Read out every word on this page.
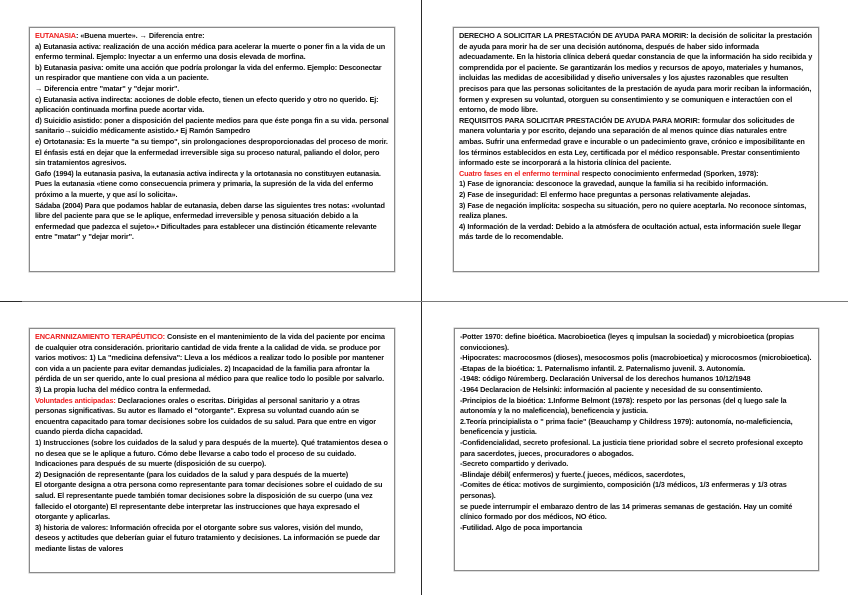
EUTANASIA: «Buena muerte». → Diferencia entre:

a) Eutanasia activa: realización de una acción médica para acelerar la muerte o poner fin a la vida de un enfermo terminal. Ejemplo: Inyectar a un enfermo una dosis elevada de morfina.

b) Eutanasia pasiva: omite una acción que podría prolongar la vida del enfermo. Ejemplo: Desconectar un respirador que mantiene con vida a un paciente.

→ Diferencia entre "matar" y "dejar morir".

c) Eutanasia activa indirecta: acciones de doble efecto, tienen un efecto querido y otro no querido. Ej: aplicación continuada morfina puede acortar vida.

d) Suicidio asistido: poner a disposición del paciente medios para que éste ponga fin a su vida. personal sanitario→suicidio médicamente asistido.• Ej Ramón Sampedro

e) Ortotanasia: Es la muerte "a su tiempo", sin prolongaciones desproporcionadas del proceso de morir. El énfasis está en dejar que la enfermedad irreversible siga su proceso natural, paliando el dolor, pero sin tratamientos agresivos.

Gafo (1994) la eutanasia pasiva, la eutanasia activa indirecta y la ortotanasia no constituyen eutanasia. Pues la eutanasia «tiene como consecuencia primera y primaria, la supresión de la vida del enfermo próximo a la muerte, y que así lo solicita».

Sádaba (2004) Para que podamos hablar de eutanasia, deben darse las siguientes tres notas: «voluntad libre del paciente para que se le aplique, enfermedad irreversible y penosa situación debido a la enfermedad que padezca el sujeto».• Dificultades para establecer una distinción éticamente relevante entre "matar" y "dejar morir".

DERECHO A SOLICITAR LA PRESTACIÓN DE AYUDA PARA MORIR: la decisión de solicitar la prestación de ayuda para morir ha de ser una decisión autónoma, después de haber sido informada adecuadamente. En la historia clínica deberá quedar constancia de que la información ha sido recibida y comprendida por el paciente. Se garantizarán los medios y recursos de apoyo, materiales y humanos, incluidas las medidas de accesibilidad y diseño universales y los ajustes razonables que resulten precisos para que las personas solicitantes de la prestación de ayuda para morir reciban la información, formen y expresen su voluntad, otorguen su consentimiento y se comuniquen e interactúen con el entorno, de modo libre.

REQUISITOS PARA SOLICITAR PRESTACIÓN DE AYUDA PARA MORIR: formular dos solicitudes de manera voluntaria y por escrito, dejando una separación de al menos quince días naturales entre ambas. Sufrir una enfermedad grave e incurable o un padecimiento grave, crónico e imposibilitante en los términos establecidos en esta Ley, certificada por el médico responsable. Prestar consentimiento informado este se incorporará a la historia clínica del paciente.

Cuatro fases en el enfermo terminal respecto conocimiento enfermedad (Sporken, 1978):

1) Fase de ignorancia: desconoce la gravedad, aunque la familia si ha recibido información.

2) Fase de inseguridad: El enfermo hace preguntas a personas relativamente alejadas.

3) Fase de negación implícita: sospecha su situación, pero no quiere aceptarla. No reconoce síntomas, realiza planes.

4) Información de la verdad: Debido a la atmósfera de ocultación actual, esta información suele llegar más tarde de lo recomendable.

ENCARNNIZAMIENTO TERAPÉUTICO: Consiste en el mantenimiento de la vida del paciente por encima de cualquier otra consideración. prioritario cantidad de vida frente a la calidad de vida. se produce por varios motivos: 1) La "medicina defensiva": Lleva a los médicos a realizar todo lo posible por mantener con vida a un paciente para evitar demandas judiciales. 2) Incapacidad de la familia para afrontar la pérdida de un ser querido, ante lo cual presiona al médico para que realice todo lo posible por salvarlo. 3) La propia lucha del médico contra la enfermedad.

Voluntades anticipadas: Declaraciones orales o escritas. Dirigidas al personal sanitario y a otras personas significativas. Su autor es llamado el "otorgante". Expresa su voluntad cuando aún se encuentra capacitado para tomar decisiones sobre los cuidados de su salud. Para que entre en vigor cuando pierda dicha capacidad.

1) Instrucciones (sobre los cuidados de la salud y para después de la muerte). Qué tratamientos desea o no desea que se le aplique a futuro. Cómo debe llevarse a cabo todo el proceso de su cuidado. Indicaciones para después de su muerte (disposición de su cuerpo).

2) Designación de representante (para los cuidados de la salud y para después de la muerte)

El otorgante designa a otra persona como representante para tomar decisiones sobre el cuidado de su salud. El representante puede también tomar decisiones sobre la disposición de su cuerpo (una vez fallecido el otorgante) El representante debe interpretar las instrucciones que haya expresado el otorgante y aplicarlas.

3) historia de valores: Información ofrecida por el otorgante sobre sus valores, visión del mundo, deseos y actitudes que deberían guiar el futuro tratamiento y decisiones. La información se puede dar mediante listas de valores

-Potter 1970: define bioética. Macrobioetica (leyes q impulsan la sociedad) y microbioetica (propias convicciones).

-Hipocrates: macrocosmos (dioses), mesocosmos polis (macrobioetica) y microcosmos (microbioetica).

-Etapas de la bioética: 1. Paternalismo infantil. 2. Paternalismo juvenil. 3. Autonomía.

-1948: código Núremberg. Declaración Universal de los derechos humanos 10/12/1948

-1964 Declaracion de Helsinki: información al paciente y necesidad de su consentimiento.

-Principios de la bioética: 1.Informe Belmont (1978): respeto por las personas (del q luego sale la autonomía y la no maleficencia), beneficencia y justicia.

2.Teoría principialista o " prima facie" (Beauchamp y Childress 1979): autonomía, no-maleficiencia, beneficencia y justicia.

-Confidencialidad, secreto profesional. La justicia tiene prioridad sobre el secreto profesional excepto para sacerdotes, jueces, procuradores o abogados.

-Secreto compartido y derivado.

-Blindaje débil( enfermeros) y fuerte.( jueces, médicos, sacerdotes,

-Comites de ética: motivos de surgimiento, composición (1/3 médicos, 1/3 enfermeras y 1/3 otras personas).

se puede interrumpir el embarazo dentro de las 14 primeras semanas de gestación. Hay un comité clínico formado por dos médicos, NO ético.

-Futilidad. Algo de poca importancia
